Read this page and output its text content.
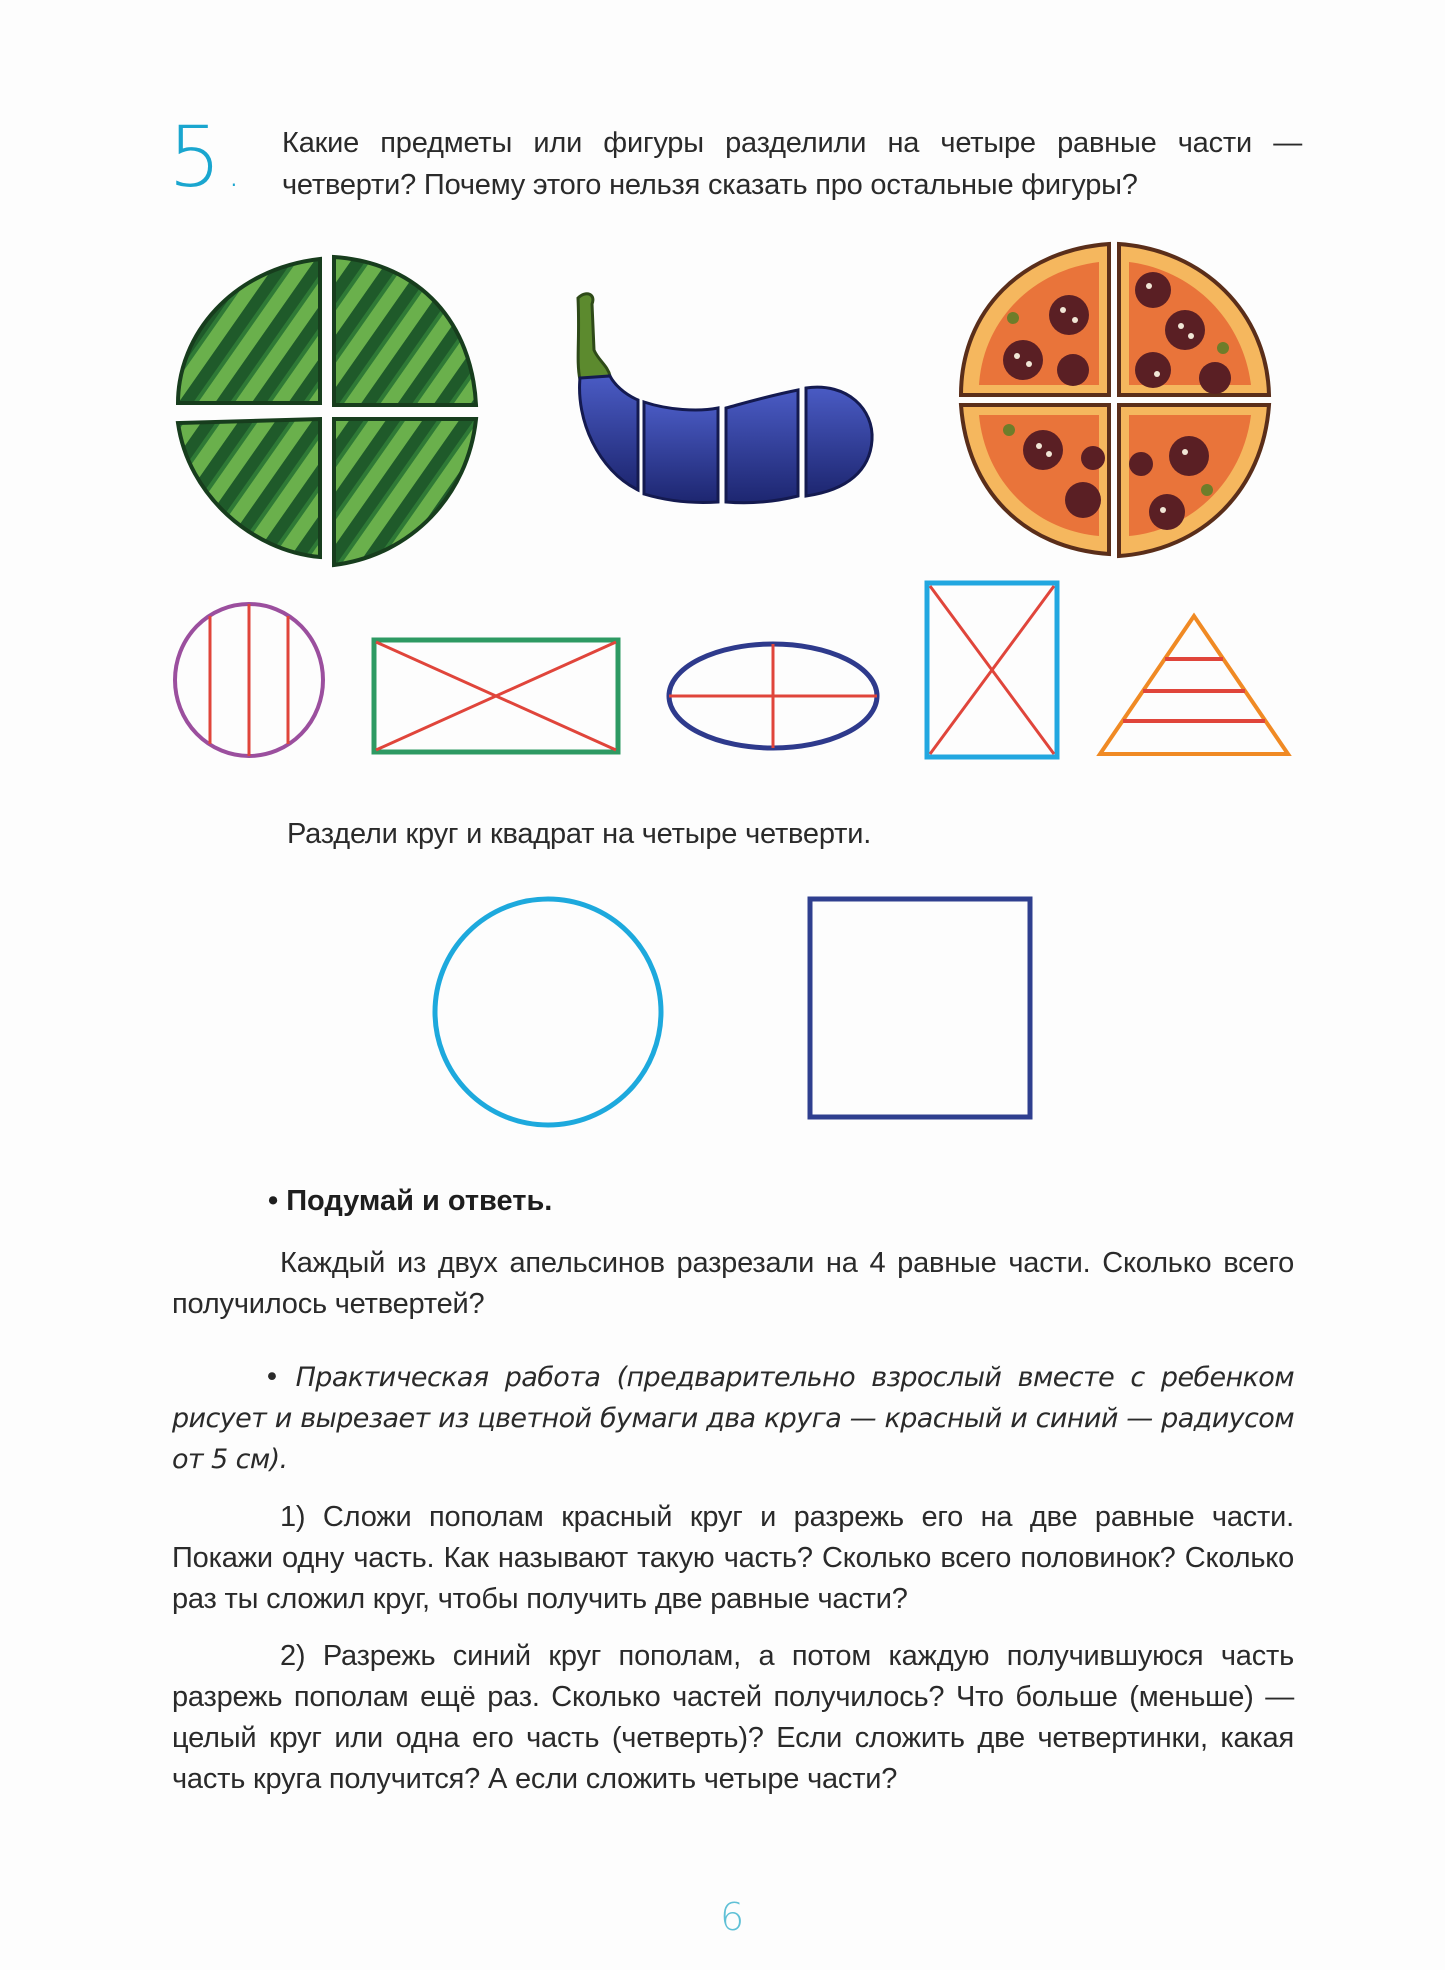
5 .
Какие предметы или фигуры разделили на четыре равные части — четверти? Почему этого нельзя сказать про остальные фигуры?
Раздели круг и квадрат на четыре четверти.
• Подумай и ответь.
Каждый из двух апельсинов разрезали на 4 равные части. Сколько всего получилось четвертей?
• Практическая работа (предварительно взрослый вместе с ребенком рисует и вырезает из цветной бумаги два круга — красный и синий — радиусом от 5 см).
1) Сложи пополам красный круг и разрежь его на две равные части. Покажи одну часть. Как называют такую часть? Сколько всего половинок? Сколько раз ты сложил круг, чтобы получить две равные части?
2) Разрежь синий круг пополам, а потом каждую получившуюся часть разрежь пополам ещё раз. Сколько частей получилось? Что больше (меньше) — целый круг или одна его часть (четверть)? Если сложить две четвертинки, какая часть круга получится? А если сложить четыре части?
6
